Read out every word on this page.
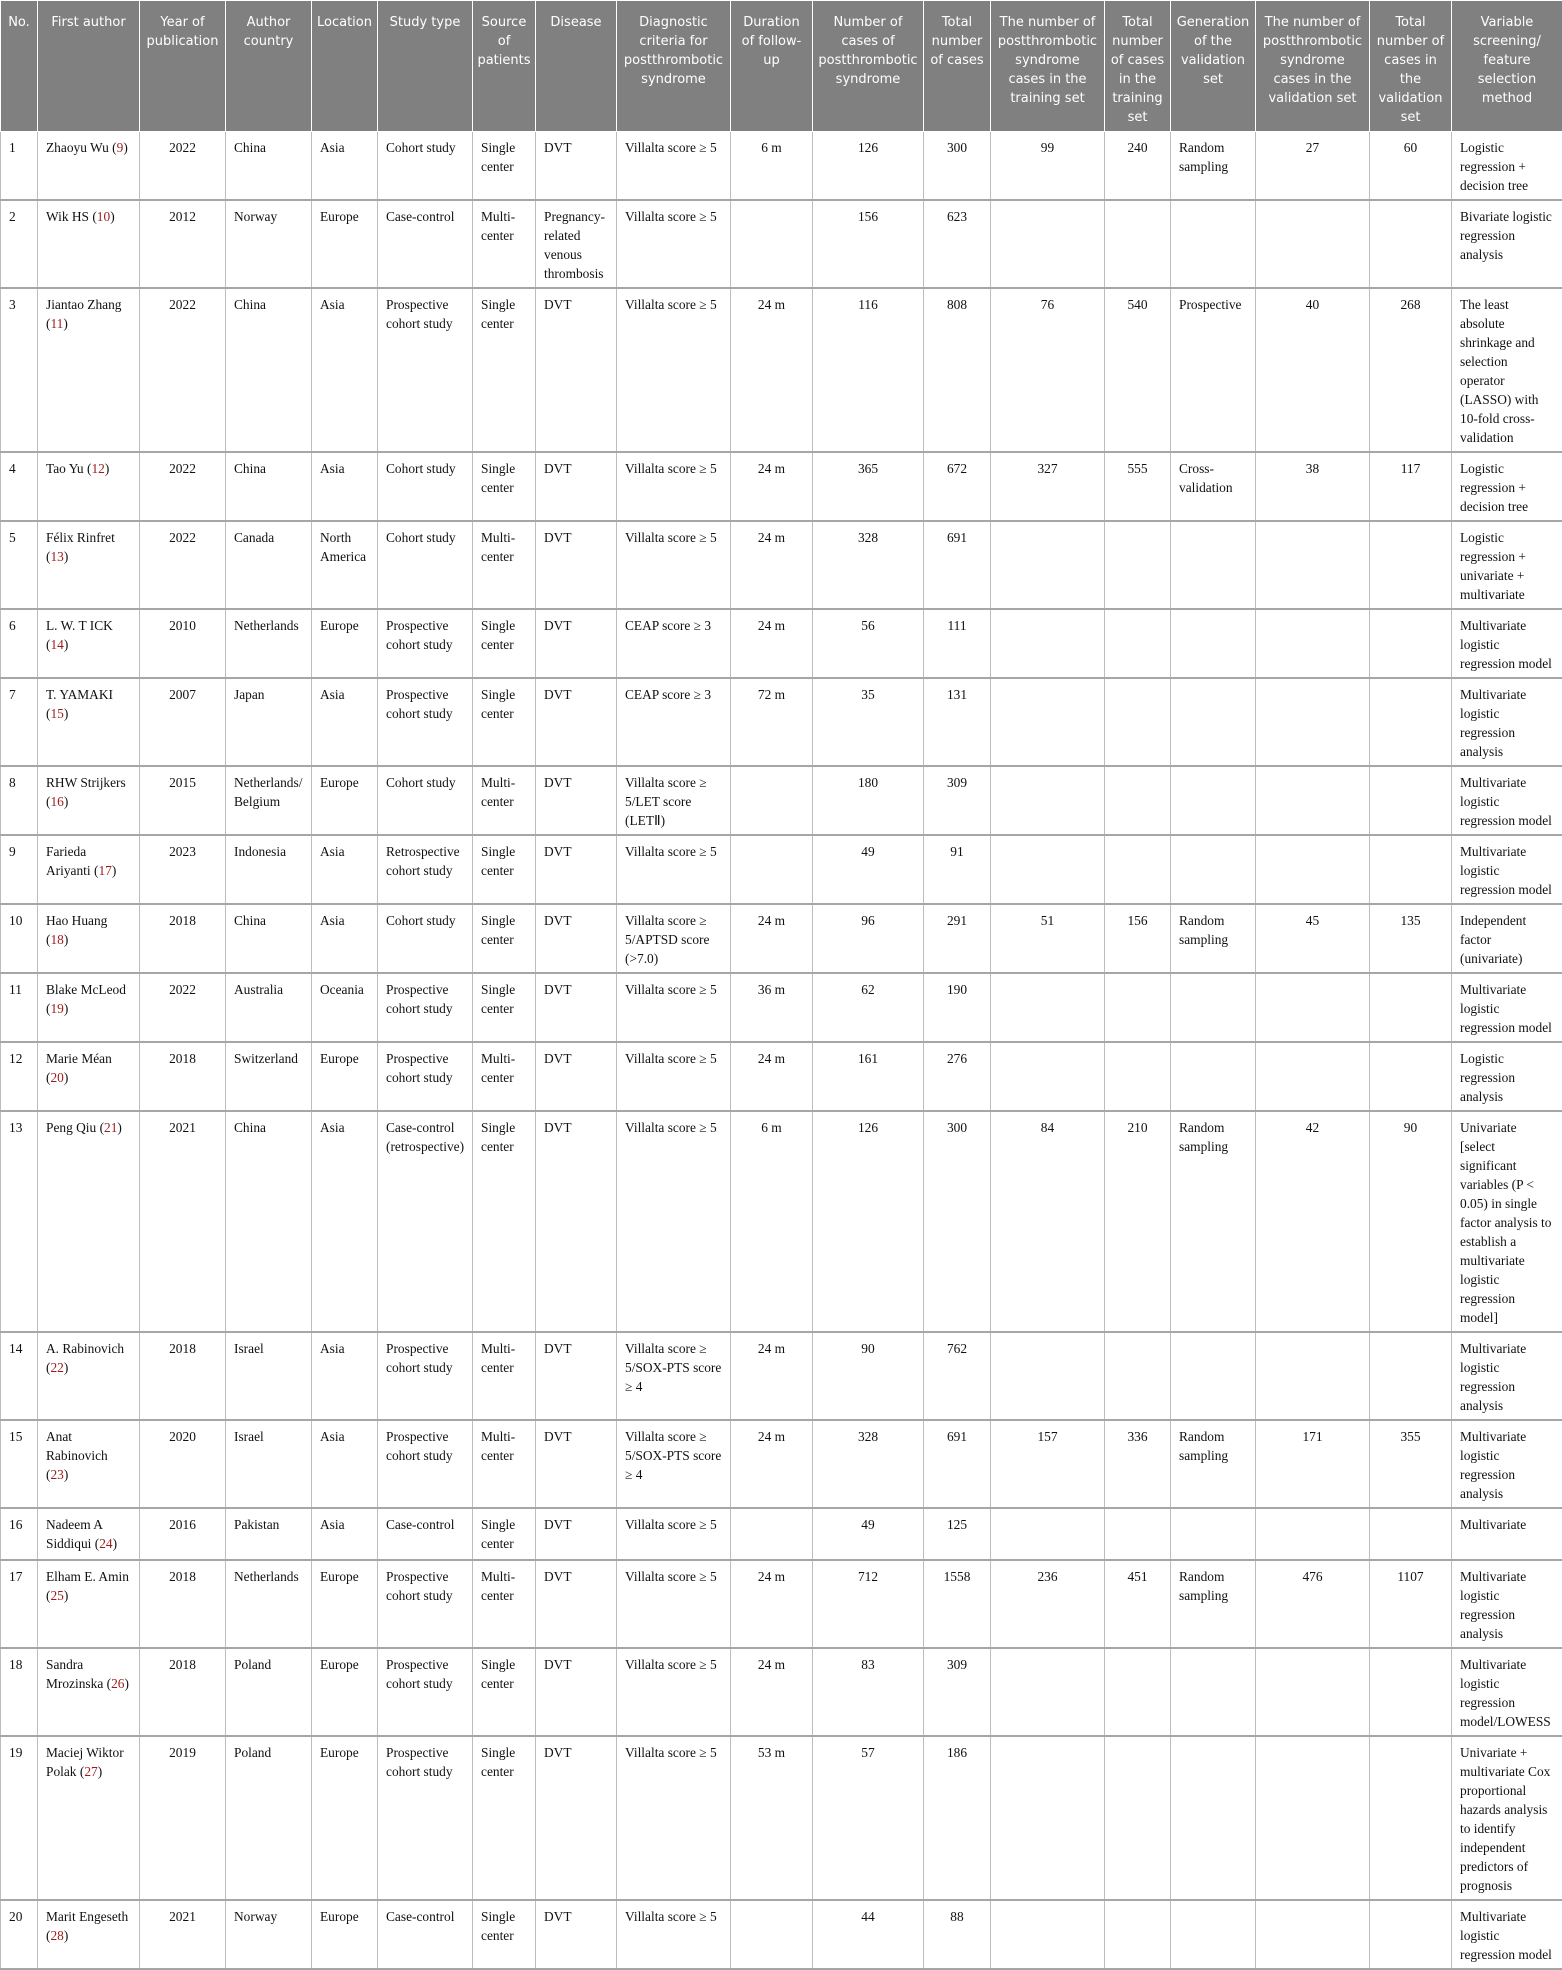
No.	First author	Year of publication	Author country	Location	Study type	Source of patients	Disease	Diagnostic criteria for postthrombotic syndrome	Duration of follow-up	Number of cases of postthrombotic syndrome	Total number of cases	The number of postthrombotic syndrome cases in the training set	Total number of cases in the training set	Generation of the validation set	The number of postthrombotic syndrome cases in the validation set	Total number of cases in the validation set	Variable screening/ feature selection method
1	Zhaoyu Wu (9)	2022	China	Asia	Cohort study	Single center	DVT	Villalta score ≥ 5	6 m	126	300	99	240	Random sampling	27	60	Logistic regression + decision tree
2	Wik HS (10)	2012	Norway	Europe	Case-control	Multi-center	Pregnancy-related venous thrombosis	Villalta score ≥ 5		156	623						Bivariate logistic regression analysis
3	Jiantao Zhang (11)	2022	China	Asia	Prospective cohort study	Single center	DVT	Villalta score ≥ 5	24 m	116	808	76	540	Prospective	40	268	The least absolute shrinkage and selection operator (LASSO) with 10-fold cross-validation
4	Tao Yu (12)	2022	China	Asia	Cohort study	Single center	DVT	Villalta score ≥ 5	24 m	365	672	327	555	Cross-validation	38	117	Logistic regression + decision tree
5	Félix Rinfret (13)	2022	Canada	North America	Cohort study	Multi-center	DVT	Villalta score ≥ 5	24 m	328	691						Logistic regression + univariate + multivariate
6	L. W. T ICK (14)	2010	Netherlands	Europe	Prospective cohort study	Single center	DVT	CEAP score ≥ 3	24 m	56	111						Multivariate logistic regression model
7	T. YAMAKI (15)	2007	Japan	Asia	Prospective cohort study	Single center	DVT	CEAP score ≥ 3	72 m	35	131						Multivariate logistic regression analysis
8	RHW Strijkers (16)	2015	Netherlands/ Belgium	Europe	Cohort study	Multi-center	DVT	Villalta score ≥ 5/LET score (LETⅡ)		180	309						Multivariate logistic regression model
9	Farieda Ariyanti (17)	2023	Indonesia	Asia	Retrospective cohort study	Single center	DVT	Villalta score ≥ 5		49	91						Multivariate logistic regression model
10	Hao Huang (18)	2018	China	Asia	Cohort study	Single center	DVT	Villalta score ≥ 5/APTSD score (>7.0)	24 m	96	291	51	156	Random sampling	45	135	Independent factor (univariate)
11	Blake McLeod (19)	2022	Australia	Oceania	Prospective cohort study	Single center	DVT	Villalta score ≥ 5	36 m	62	190						Multivariate logistic regression model
12	Marie Méan (20)	2018	Switzerland	Europe	Prospective cohort study	Multi-center	DVT	Villalta score ≥ 5	24 m	161	276						Logistic regression analysis
13	Peng Qiu (21)	2021	China	Asia	Case-control (retrospective)	Single center	DVT	Villalta score ≥ 5	6 m	126	300	84	210	Random sampling	42	90	Univariate [select significant variables (P < 0.05) in single factor analysis to establish a multivariate logistic regression model]
14	A. Rabinovich (22)	2018	Israel	Asia	Prospective cohort study	Multi-center	DVT	Villalta score ≥ 5/SOX-PTS score ≥ 4	24 m	90	762						Multivariate logistic regression analysis
15	Anat Rabinovich (23)	2020	Israel	Asia	Prospective cohort study	Multi-center	DVT	Villalta score ≥ 5/SOX-PTS score ≥ 4	24 m	328	691	157	336	Random sampling	171	355	Multivariate logistic regression analysis
16	Nadeem A Siddiqui (24)	2016	Pakistan	Asia	Case-control	Single center	DVT	Villalta score ≥ 5		49	125						Multivariate
17	Elham E. Amin (25)	2018	Netherlands	Europe	Prospective cohort study	Multi-center	DVT	Villalta score ≥ 5	24 m	712	1558	236	451	Random sampling	476	1107	Multivariate logistic regression analysis
18	Sandra Mrozinska (26)	2018	Poland	Europe	Prospective cohort study	Single center	DVT	Villalta score ≥ 5	24 m	83	309						Multivariate logistic regression model/LOWESS
19	Maciej Wiktor Polak (27)	2019	Poland	Europe	Prospective cohort study	Single center	DVT	Villalta score ≥ 5	53 m	57	186						Univariate + multivariate Cox proportional hazards analysis to identify independent predictors of prognosis
20	Marit Engeseth (28)	2021	Norway	Europe	Case-control	Single center	DVT	Villalta score ≥ 5		44	88						Multivariate logistic regression model
